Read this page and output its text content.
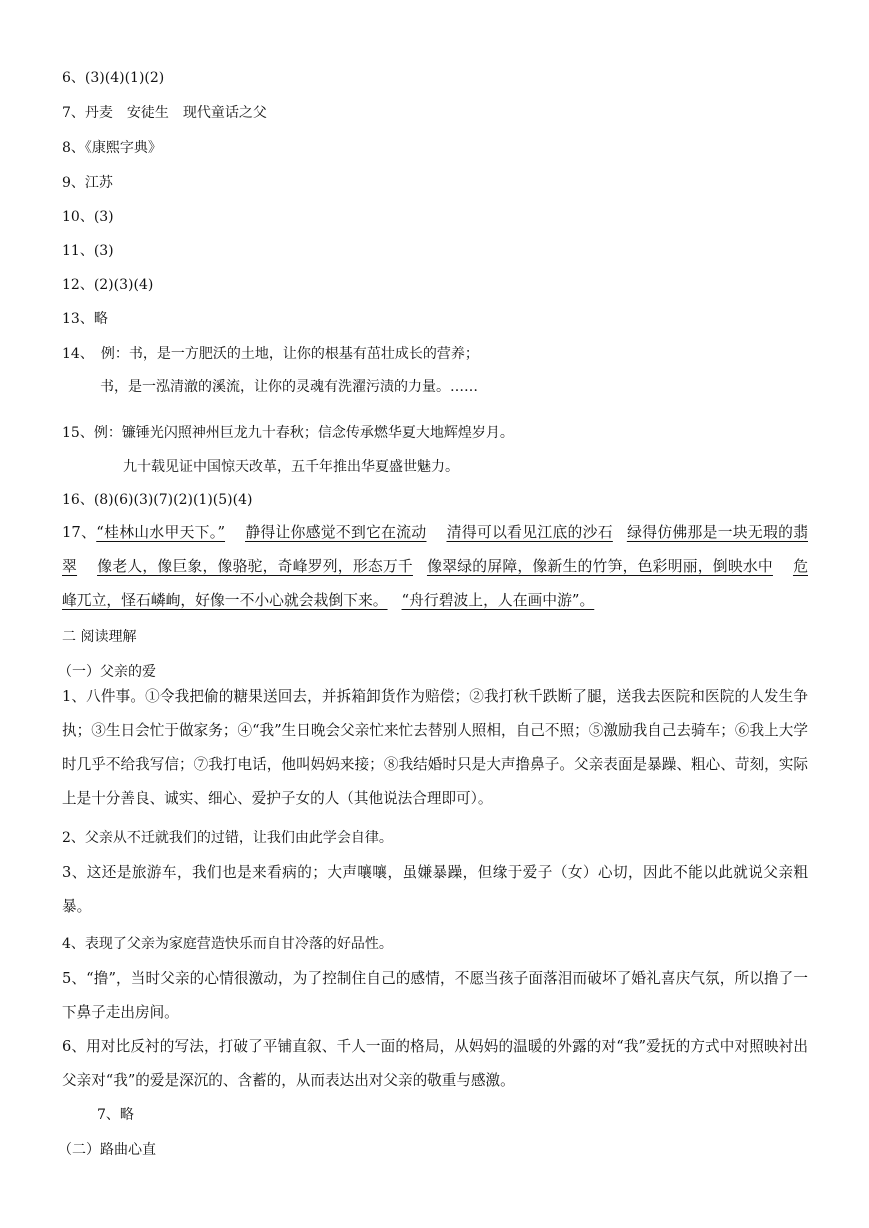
6、(3)(4)(1)(2)
7、丹麦　安徒生　现代童话之父
8、《康熙字典》
9、江苏
10、(3)
11、(3)
12、(2)(3)(4)
13、略
14、　例：书，是一方肥沃的土地，让你的根基有茁壮成长的营养；
书，是一泓清澈的溪流，让你的灵魂有洗濯污渍的力量。……
15、例：镰锤光闪照神州巨龙九十春秋；信念传承燃华夏大地辉煌岁月。
九十载见证中国惊天改革，五千年推出华夏盛世魅力。
16、(8)(6)(3)(7)(2)(1)(5)(4)
17、“桂林山水甲天下。” 静得让你感觉不到它在流动 清得可以看见江底的沙石 绿得仿佛那是一块无瑕的翡翠 像老人，像巨象，像骆驼，奇峰罗列，形态万千 像翠绿的屏障，像新生的竹笋，色彩明丽，倒映水中 危峰兀立，怪石嶙峋，好像一不小心就会栽倒下来。 “舟行碧波上，人在画中游”。
二 阅读理解
（一）父亲的爱
1、八件事。①令我把偷的糖果送回去，并拆箱卸货作为赔偿；②我打秋千跌断了腿，送我去医院和医院的人发生争执；③生日会忙于做家务；④“我”生日晚会父亲忙来忙去替别人照相，自己不照；⑤激励我自己去骑车；⑥我上大学时几乎不给我写信；⑦我打电话，他叫妈妈来接；⑧我结婚时只是大声撸鼻子。父亲表面是暴躁、粗心、苛刻，实际上是十分善良、诚实、细心、爱护子女的人（其他说法合理即可）。
2、父亲从不迁就我们的过错，让我们由此学会自律。
3、这还是旅游车，我们也是来看病的；大声嚷嚷，虽嫌暴躁，但缘于爱子（女）心切，因此不能以此就说父亲粗暴。
4、表现了父亲为家庭营造快乐而自甘冷落的好品性。
5、“撸”，当时父亲的心情很激动，为了控制住自己的感情，不愿当孩子面落泪而破坏了婚礼喜庆气氛，所以撸了一下鼻子走出房间。
6、用对比反衬的写法，打破了平铺直叙、千人一面的格局，从妈妈的温暖的外露的对“我”爱抚的方式中对照映衬出父亲对“我”的爱是深沉的、含蓄的，从而表达出对父亲的敬重与感激。
7、略
（二）路曲心直
